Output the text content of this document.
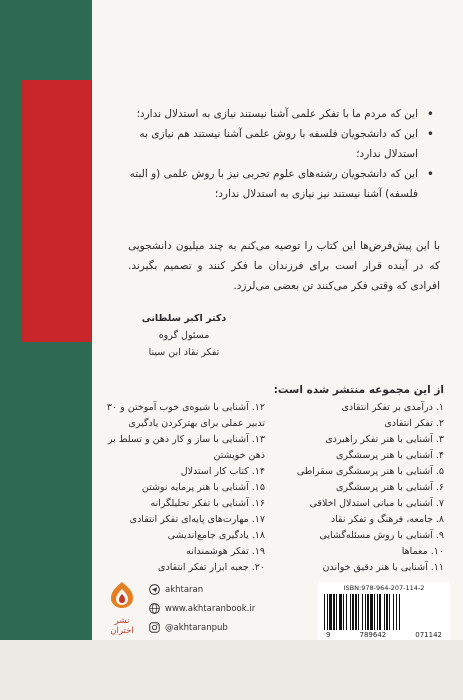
• این که مردم ما با تفکر علمی آشنا نیستند نیازی به استدلال ندارد؛

• این که دانشجویان فلسفه با روش علمی آشنا نیستند هم نیازی به استدلال ندارد؛

• این که دانشجویان رشته‌های علوم تجربی نیز با روش علمی (و البته فلسفه) آشنا نیستند نیز نیازی به استدلال ندارد؛

با این پیش‌فرض‌ها این کتاب را توصیه می‌کنم به چند میلیون دانشجویی که در آینده قرار است برای فرزندان ما فکر کنند و تصمیم بگیرند. افرادی که وقتی فکر می‌کنند تن بعضی می‌لرزد.
دکتر اکبر سلطانی
مسئول گروه
تفکر نقاد ابن سینا
از این مجموعه منتشر شده است:
۱. درآمدی بر تفکر انتقادی
۲. تفکر انتقادی
۳. آشنایی با هنر تفکر راهبردی
۴. آشنایی با هنر پرسشگری
۵. آشنایی با هنر پرسشگری سقراطی
۶. آشنایی با هنر پرسشگری
۷. آشنایی با مبانی استدلال اخلاقی
۸. جامعه، فرهنگ و تفکر نقاد
۹. آشنایی با روش مسئله‌گشایی
۱۰. معماها
۱۱. آشنایی با هنر دقیق خواندن
۱۲. آشنایی با شیوه‌ی خوب آموختن و ۳۰ تدبیر عملی برای بهترکردن یادگیری
۱۳. آشنایی با ساز و کار ذهن و تسلط بر ذهن خویشتن
۱۴. کتاب کار استدلال
۱۵. آشنایی با هنر پرمایه نوشتن
۱۶. آشنایی با تفکر تحلیلگرانه
۱۷. مهارت‌های پایه‌ای تفکر انتقادی
۱۸. یادگیری جامع‌اندیشی
۱۹. تفکر هوشمندانه
۲۰. جعبه ابزار تفکر انتقادی
نشر اختران
akhtaran
www.akhtaranbook.ir
@akhtaranpub
ISBN:978-964-207-114-2
9	789642	071142
